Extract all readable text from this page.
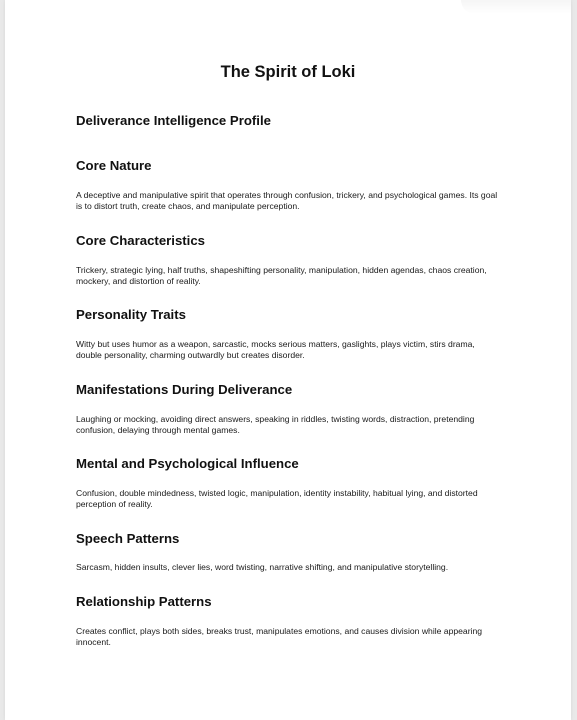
The Spirit of Loki
Deliverance Intelligence Profile
Core Nature

A deceptive and manipulative spirit that operates through confusion, trickery, and psychological games. Its goal is to distort truth, create chaos, and manipulate perception.

Core Characteristics

Trickery, strategic lying, half truths, shapeshifting personality, manipulation, hidden agendas, chaos creation, mockery, and distortion of reality.

Personality Traits

Witty but uses humor as a weapon, sarcastic, mocks serious matters, gaslights, plays victim, stirs drama, double personality, charming outwardly but creates disorder.

Manifestations During Deliverance

Laughing or mocking, avoiding direct answers, speaking in riddles, twisting words, distraction, pretending confusion, delaying through mental games.

Mental and Psychological Influence

Confusion, double mindedness, twisted logic, manipulation, identity instability, habitual lying, and distorted perception of reality.

Speech Patterns

Sarcasm, hidden insults, clever lies, word twisting, narrative shifting, and manipulative storytelling.

Relationship Patterns

Creates conflict, plays both sides, breaks trust, manipulates emotions, and causes division while appearing innocent.
